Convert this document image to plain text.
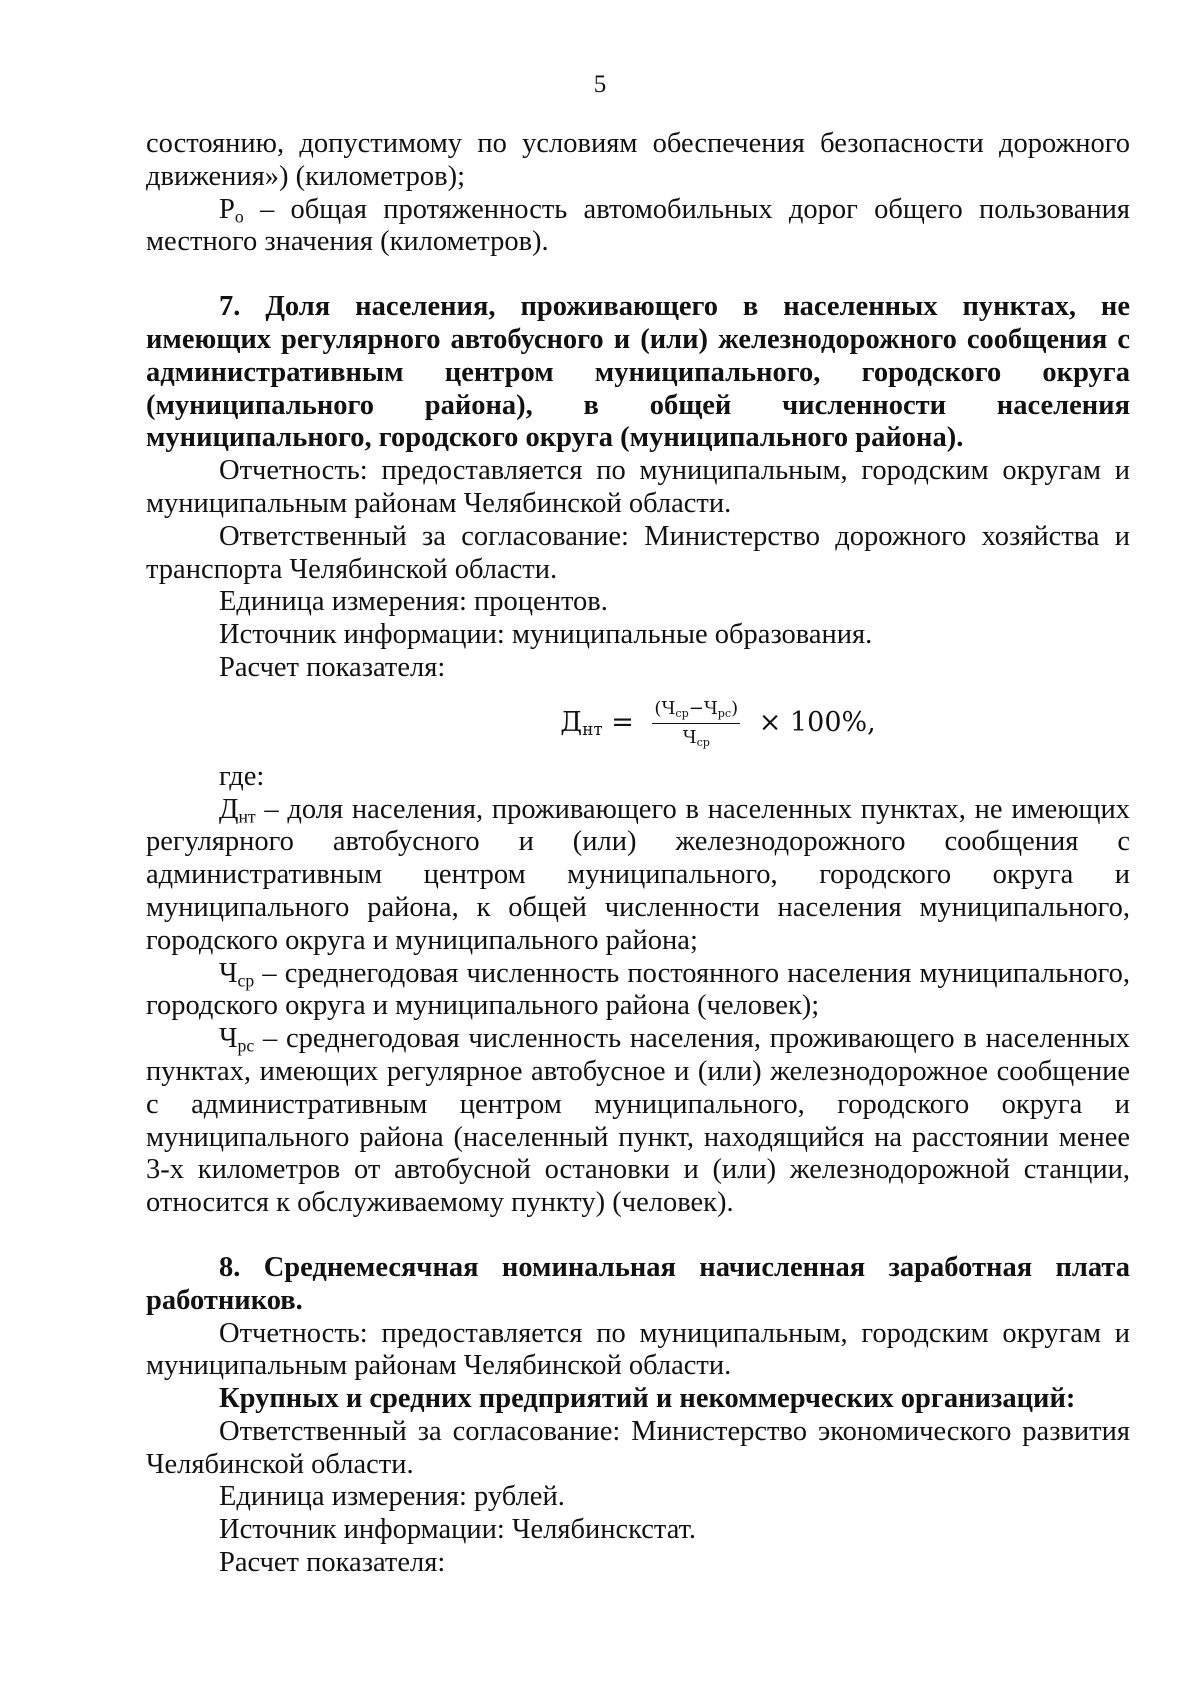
5

состоянию, допустимому по условиям обеспечения безопасности дорожного движения») (километров);

$Р_о$ – общая протяженность автомобильных дорог общего пользования местного значения (километров).

7. Доля населения, проживающего в населенных пунктах, не имеющих регулярного автобусного и (или) железнодорожного сообщения с административным центром муниципального, городского округа (муниципального района), в общей численности населения муниципального, городского округа (муниципального района).

Отчетность: предоставляется по муниципальным, городским округам и муниципальным районам Челябинской области.

Ответственный за согласование: Министерство дорожного хозяйства и транспорта Челябинской области.

Единица измерения: процентов.

Источник информации: муниципальные образования.

Расчет показателя:

$Д_{нт} = \frac{(Ч_{ср}-Ч_{рс})}{Ч_{ср}} \times 100\%$,

где:

$Д_{нт}$ – доля населения, проживающего в населенных пунктах, не имеющих регулярного автобусного и (или) железнодорожного сообщения с административным центром муниципального, городского округа и муниципального района, к общей численности населения муниципального, городского округа и муниципального района;

$Ч_{ср}$ – среднегодовая численность постоянного населения муниципального, городского округа и муниципального района (человек);

$Ч_{рс}$ – среднегодовая численность населения, проживающего в населенных пунктах, имеющих регулярное автобусное и (или) железнодорожное сообщение с административным центром муниципального, городского округа и муниципального района (населенный пункт, находящийся на расстоянии менее 3-х километров от автобусной остановки и (или) железнодорожной станции, относится к обслуживаемому пункту) (человек).

8. Среднемесячная номинальная начисленная заработная плата работников.

Отчетность: предоставляется по муниципальным, городским округам и муниципальным районам Челябинской области.

Крупных и средних предприятий и некоммерческих организаций:

Ответственный за согласование: Министерство экономического развития Челябинской области.

Единица измерения: рублей.

Источник информации: Челябинскстат.

Расчет показателя:
